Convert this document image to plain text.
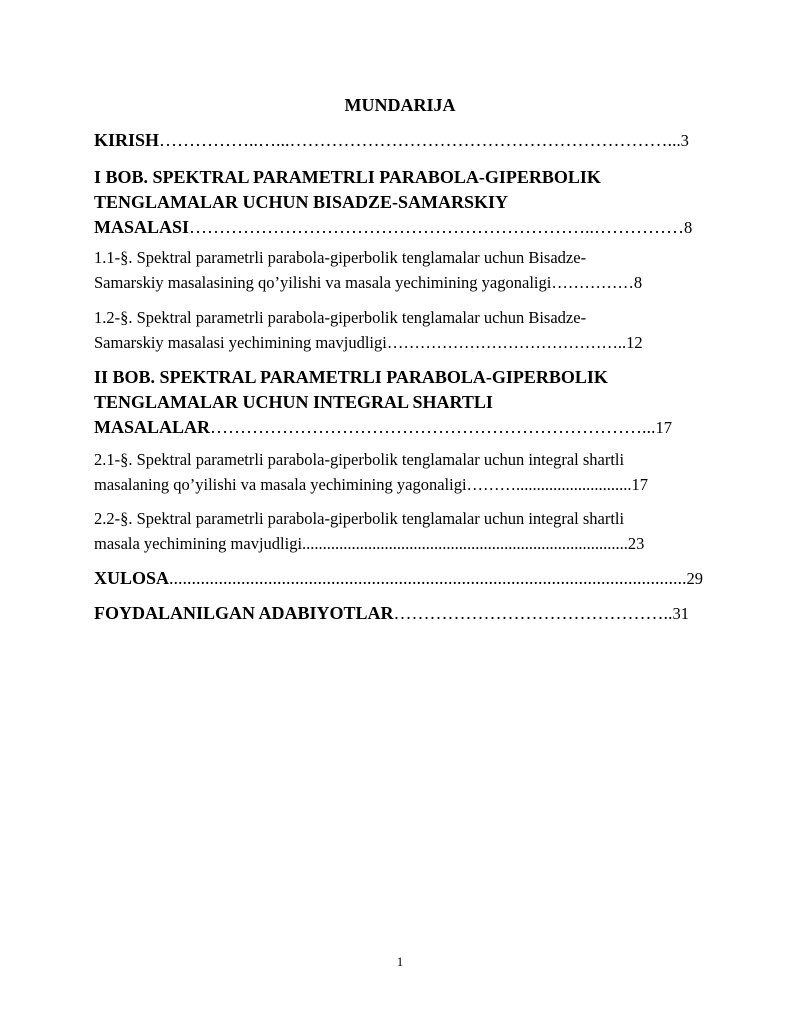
MUNDARIJA
KIRISH……………..…...………………………………………………………...3
I BOB. SPEKTRAL PARAMETRLI PARABOLA-GIPERBOLIK
TENGLAMALAR UCHUN BISADZE-SAMARSKIY
MASALASI…………………………………………………………..……………8
1.1-§. Spektral parametrli parabola-giperbolik tenglamalar uchun Bisadze-
Samarskiy masalasining qo’yilishi va masala yechimining yagonaligi……………8
1.2-§. Spektral parametrli parabola-giperbolik tenglamalar uchun Bisadze-
Samarskiy masalasi yechimining mavjudligi……………………………………..12
II BOB. SPEKTRAL PARAMETRLI PARABOLA-GIPERBOLIK
TENGLAMALAR UCHUN INTEGRAL SHARTLI
MASALALAR………………………………………………………………...17
2.1-§. Spektral parametrli parabola-giperbolik tenglamalar uchun integral shartli
masalaning qo’yilishi va masala yechimining yagonaligi………............................17
2.2-§. Spektral parametrli parabola-giperbolik tenglamalar uchun integral shartli
masala yechimining mavjudligi...............................................................................23
XULOSA...................................................................................................................29
FOYDALANILGAN ADABIYOTLAR………………………………………..31
1
